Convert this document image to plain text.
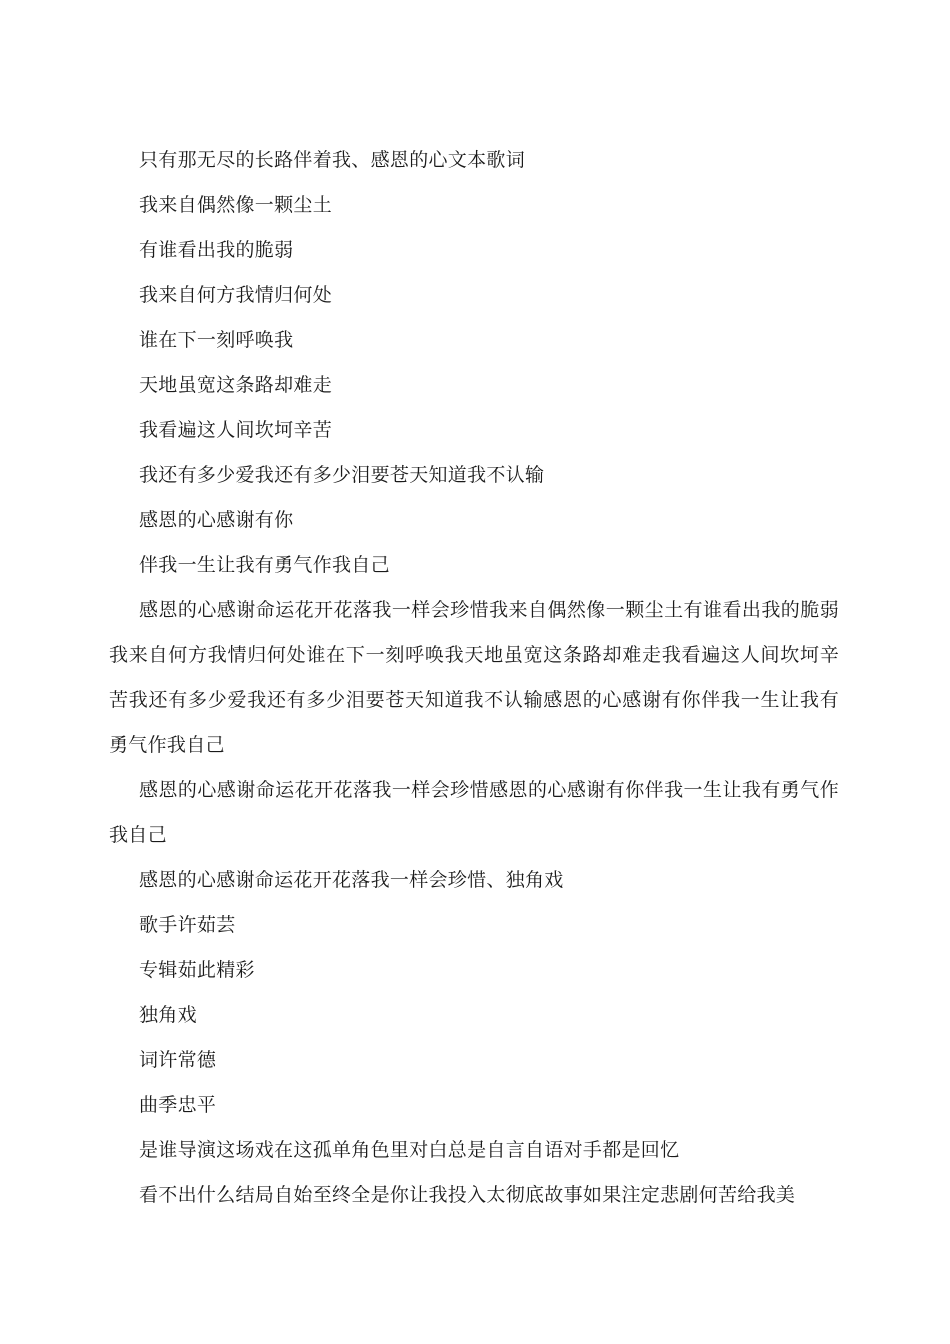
只有那无尽的长路伴着我、感恩的心文本歌词

我来自偶然像一颗尘土

有谁看出我的脆弱

我来自何方我情归何处

谁在下一刻呼唤我

天地虽宽这条路却难走

我看遍这人间坎坷辛苦

我还有多少爱我还有多少泪要苍天知道我不认输

感恩的心感谢有你

伴我一生让我有勇气作我自己

感恩的心感谢命运花开花落我一样会珍惜我来自偶然像一颗尘土有谁看出我的脆弱我来自何方我情归何处谁在下一刻呼唤我天地虽宽这条路却难走我看遍这人间坎坷辛苦我还有多少爱我还有多少泪要苍天知道我不认输感恩的心感谢有你伴我一生让我有勇气作我自己

感恩的心感谢命运花开花落我一样会珍惜感恩的心感谢有你伴我一生让我有勇气作我自己

感恩的心感谢命运花开花落我一样会珍惜、独角戏

歌手许茹芸

专辑茹此精彩

独角戏

词许常德

曲季忠平

是谁导演这场戏在这孤单角色里对白总是自言自语对手都是回忆

看不出什么结局自始至终全是你让我投入太彻底故事如果注定悲剧何苦给我美
